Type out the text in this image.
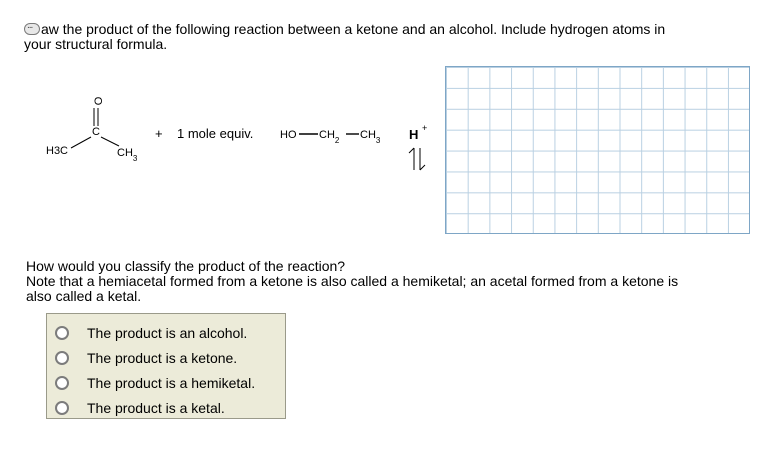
...aw the product of the following reaction between a ketone and an alcohol. Include hydrogen atoms in
your structural formula.
O
C
H3C	$CH_3$
+ 1 mole equiv. HO $CH_2$ $CH_3$ H +
How would you classify the product of the reaction?
Note that a hemiacetal formed from a ketone is also called a hemiketal; an acetal formed from a ketone is
also called a ketal.
The product is an alcohol.
The product is a ketone.
The product is a hemiketal.
The product is a ketal.
